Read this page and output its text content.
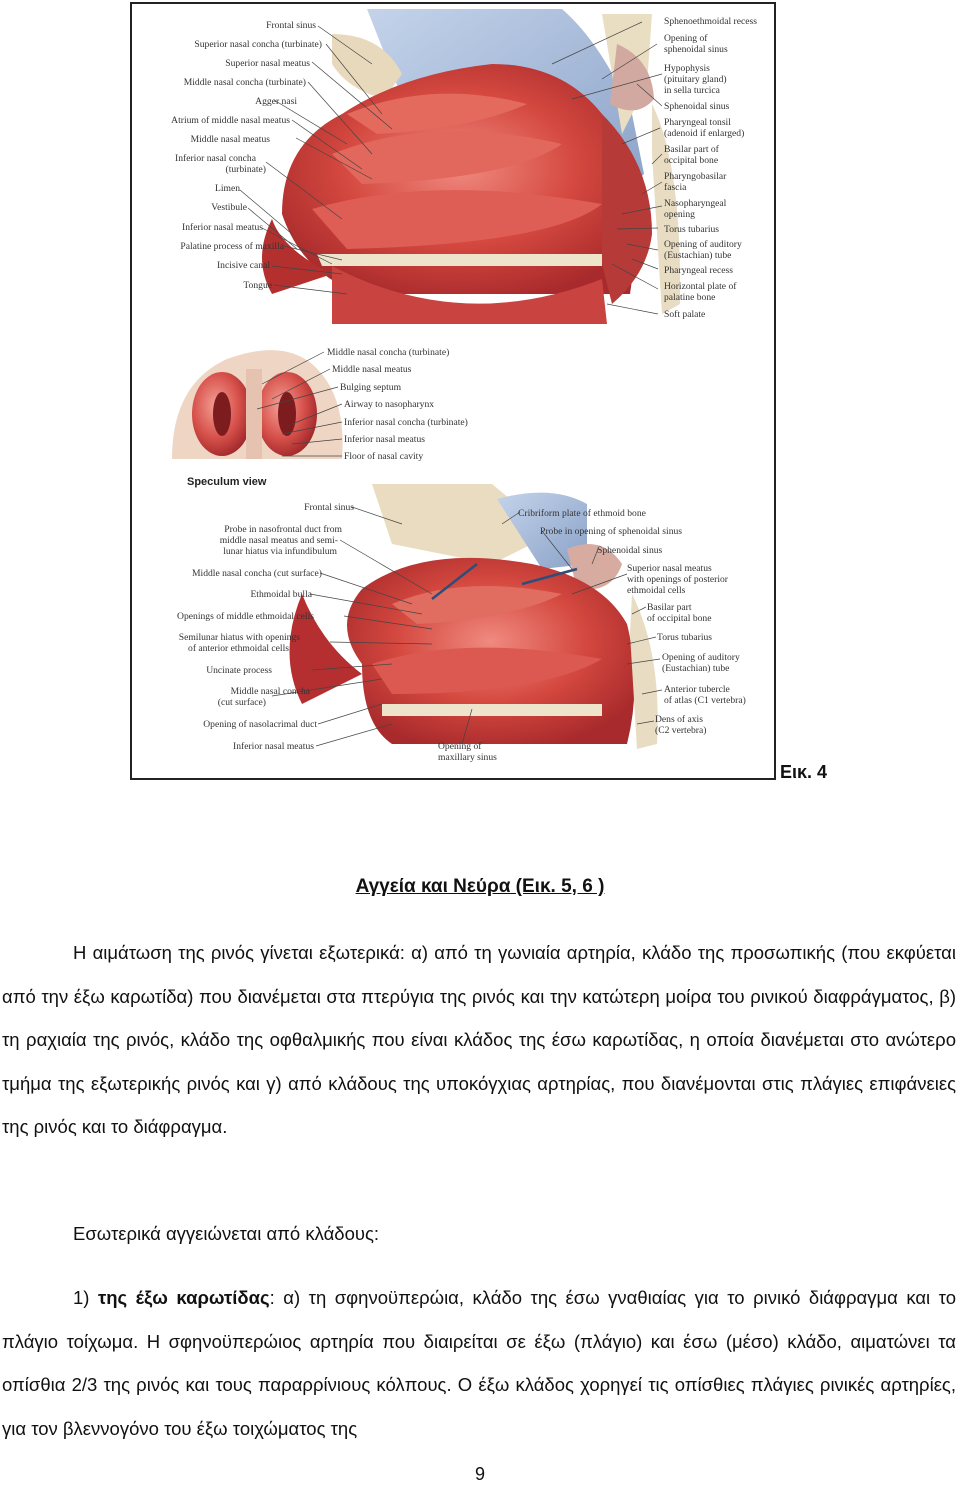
Frontal sinus
Superior nasal concha (turbinate)
Superior nasal meatus
Middle nasal concha (turbinate)
Agger nasi
Atrium of middle nasal meatus
Middle nasal meatus
Inferior nasal concha
(turbinate)
Limen
Vestibule
Inferior nasal meatus
Palatine process of maxilla
Incisive canal
Tongue
Sphenoethmoidal recess
Opening of
sphenoidal sinus
Hypophysis
(pituitary gland)
in sella turcica
Sphenoidal sinus
Pharyngeal tonsil
(adenoid if enlarged)
Basilar part of
occipital bone
Pharyngobasilar
fascia
Nasopharyngeal
opening
Torus tubarius
Opening of auditory
(Eustachian) tube
Pharyngeal recess
Horizontal plate of
palatine bone
Soft palate
Middle nasal concha (turbinate)
Middle nasal meatus
Bulging septum
Airway to nasopharynx
Inferior nasal concha (turbinate)
Inferior nasal meatus
Floor of nasal cavity
Speculum view
Frontal sinus
Probe in nasofrontal duct from
middle nasal meatus and semi-
lunar hiatus via infundibulum
Middle nasal concha (cut surface)
Ethmoidal bulla
Openings of middle ethmoidal cells
Semilunar hiatus with openings
of anterior ethmoidal cells
Uncinate process
Middle nasal concha
(cut surface)
Opening of nasolacrimal duct
Inferior nasal meatus
Cribriform plate of ethmoid bone
Probe in opening of sphenoidal sinus
Sphenoidal sinus
Superior nasal meatus
with openings of posterior
ethmoidal cells
Basilar part
of occipital bone
Torus tubarius
Opening of auditory
(Eustachian) tube
Anterior tubercle
of atlas (C1 vertebra)
Dens of axis
(C2 vertebra)
Opening of
maxillary sinus
Εικ. 4
Αγγεία και Νεύρα (Εικ. 5, 6 )

Η αιμάτωση της ρινός γίνεται εξωτερικά: α) από τη γωνιαία αρτηρία, κλάδο της προσωπικής (που εκφύεται από την έξω καρωτίδα) που διανέμεται στα πτερύγια της ρινός και την κατώτερη μοίρα του ρινικού διαφράγματος, β) τη ραχιαία της ρινός, κλάδο της οφθαλμικής που είναι κλάδος της έσω καρωτίδας, η οποία διανέμεται στο ανώτερο τμήμα της εξωτερικής ρινός και γ) από κλάδους της υποκόγχιας αρτηρίας, που διανέμονται στις πλάγιες επιφάνειες της ρινός και το διάφραγμα.

Εσωτερικά αγγειώνεται από κλάδους:

1) της έξω καρωτίδας: α) τη σφηνοϋπερώια, κλάδο της έσω γναθιαίας για το ρινικό διάφραγμα και το πλάγιο τοίχωμα. Η σφηνοϋπερώιος αρτηρία που διαιρείται σε έξω (πλάγιο) και έσω (μέσο) κλάδο, αιματώνει τα οπίσθια 2/3 της ρινός και τους παραρρίνιους κόλπους. Ο έξω κλάδος χορηγεί τις οπίσθιες πλάγιες ρινικές αρτηρίες, για τον βλεννογόνο του έξω τοιχώματος της

9
